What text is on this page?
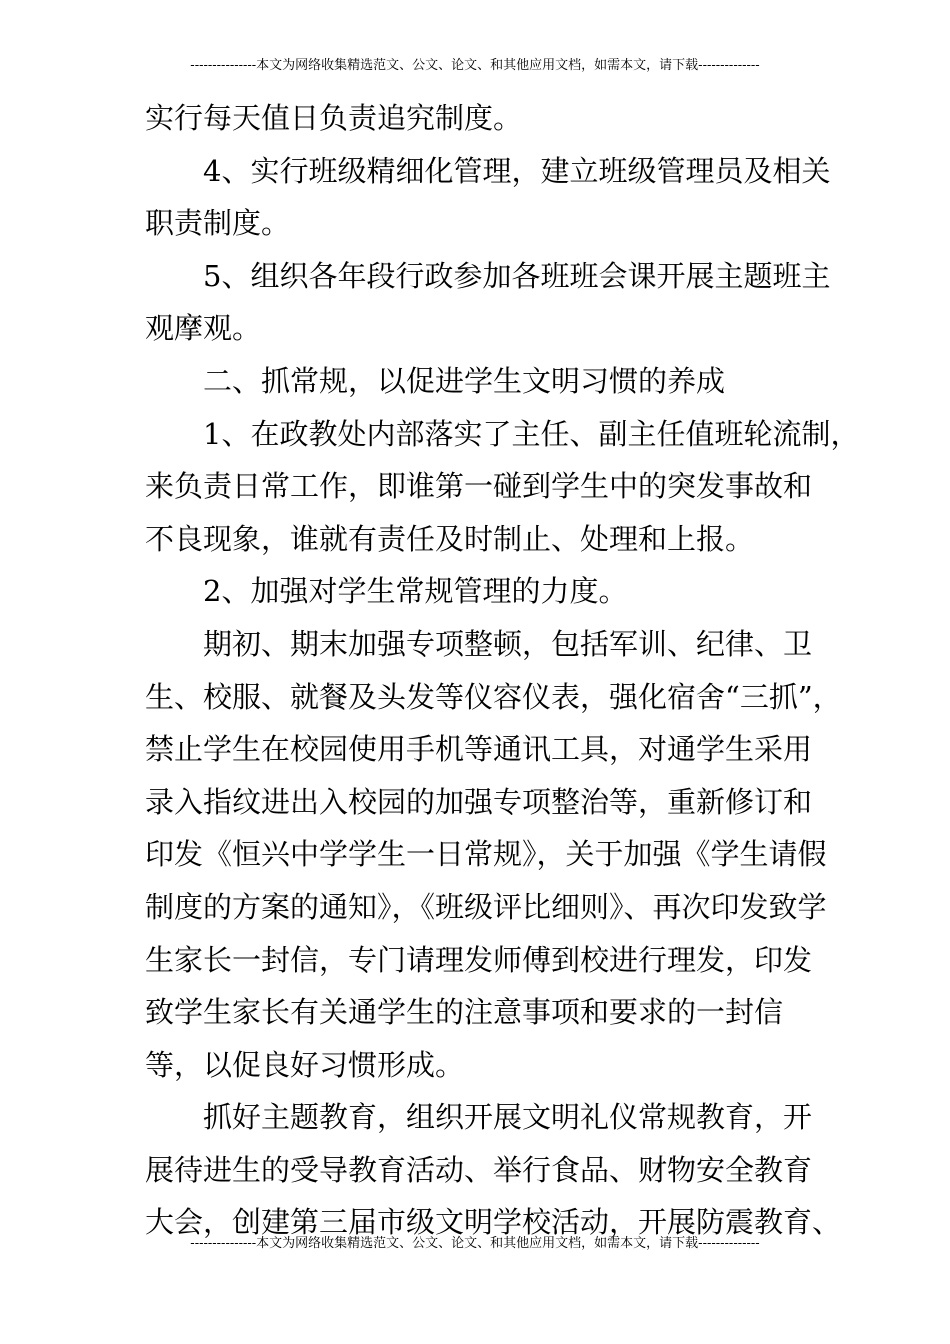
---------------本文为网络收集精选范文、公文、论文、和其他应用文档，如需本文，请下载--------------
实行每天值日负责追究制度。
4、实行班级精细化管理，建立班级管理员及相关
职责制度。
5、组织各年段行政参加各班班会课开展主题班主
观摩观。
二、抓常规，以促进学生文明习惯的养成
1、在政教处内部落实了主任、副主任值班轮流制，
来负责日常工作，即谁第一碰到学生中的突发事故和
不良现象，谁就有责任及时制止、处理和上报。
2、加强对学生常规管理的力度。
期初、期末加强专项整顿，包括军训、纪律、卫
生、校服、就餐及头发等仪容仪表，强化宿舍“三抓”，
禁止学生在校园使用手机等通讯工具，对通学生采用
录入指纹进出入校园的加强专项整治等，重新修订和
印发《恒兴中学学生一日常规》，关于加强《学生请假
制度的方案的通知》，《班级评比细则》、再次印发致学
生家长一封信，专门请理发师傅到校进行理发，印发
致学生家长有关通学生的注意事项和要求的一封信
等，以促良好习惯形成。
抓好主题教育，组织开展文明礼仪常规教育，开
展待进生的受导教育活动、举行食品、财物安全教育
大会，创建第三届市级文明学校活动，开展防震教育、
---------------本文为网络收集精选范文、公文、论文、和其他应用文档，如需本文，请下载--------------
